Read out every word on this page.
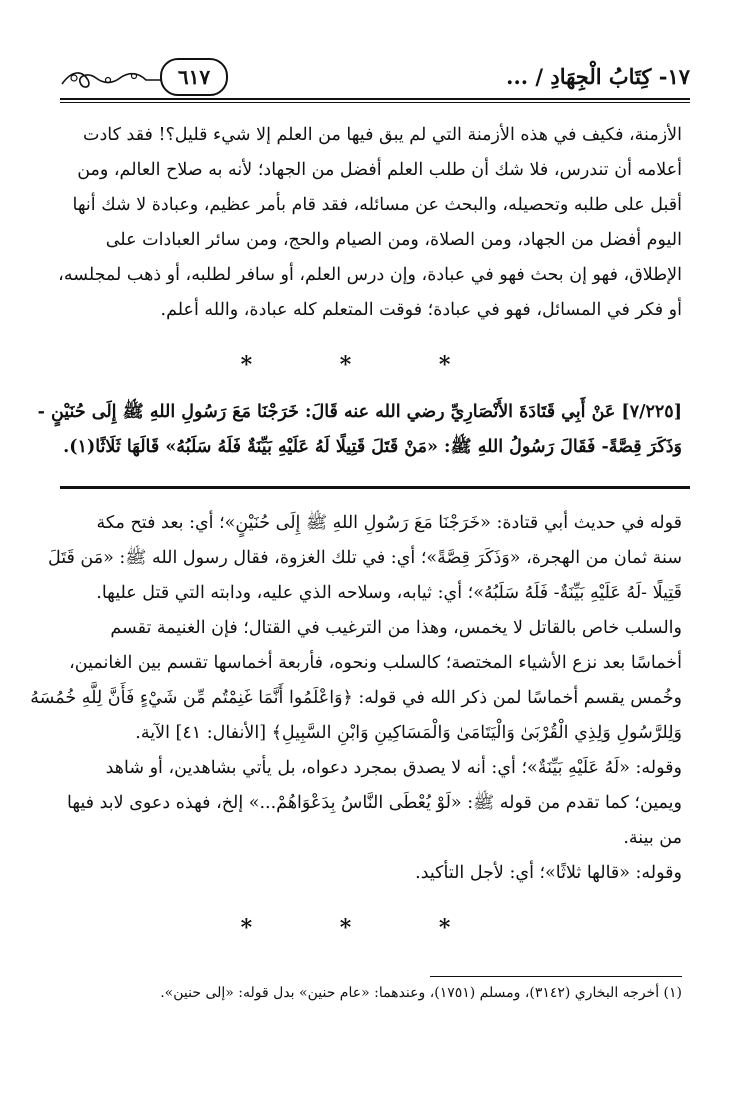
٦١٧	١٧- كِتَابُ الْجِهَادِ / ...
الأزمنة، فكيف في هذه الأزمنة التي لم يبق فيها من العلم إلا شيء قليل؟! فقد كادت
أعلامه أن تندرس، فلا شك أن طلب العلم أفضل من الجهاد؛ لأنه به صلاح العالم، ومن
أقبل على طلبه وتحصيله، والبحث عن مسائله، فقد قام بأمر عظيم، وعبادة لا شك أنها
اليوم أفضل من الجهاد، ومن الصلاة، ومن الصيام والحج، ومن سائر العبادات على
الإطلاق، فهو إن بحث فهو في عبادة، وإن درس العلم، أو سافر لطلبه، أو ذهب لمجلسه،
أو فكر في المسائل، فهو في عبادة؛ فوقت المتعلم كله عبادة، والله أعلم.
* * *
[٧/٢٢٥] عَنْ أَبِي قَتَادَةَ الأَنْصَارِيِّ رضي الله عنه قَالَ: خَرَجْنَا مَعَ رَسُولِ اللهِ ﷺ إِلَى حُنَيْنٍ -
وَذَكَرَ قِصَّةً- فَقَالَ رَسُولُ اللهِ ﷺ: «مَنْ قَتَلَ قَتِيلًا لَهُ عَلَيْهِ بَيِّنَةٌ فَلَهُ سَلَبُهُ» قَالَهَا ثَلَاثًا(١).
قوله في حديث أبي قتادة: «خَرَجْنَا مَعَ رَسُولِ اللهِ ﷺ إِلَى حُنَيْنٍ»؛ أي: بعد فتح مكة
سنة ثمان من الهجرة، «وَذَكَرَ قِصَّةً»؛ أي: في تلك الغزوة، فقال رسول الله ﷺ: «مَن قَتَلَ
قَتِيلًا -لَهُ عَلَيْهِ بَيِّنَةٌ- فَلَهُ سَلَبُهُ»؛ أي: ثيابه، وسلاحه الذي عليه، ودابته التي قتل عليها.
والسلب خاص بالقاتل لا يخمس، وهذا من الترغيب في القتال؛ فإن الغنيمة تقسم
أخماسًا بعد نزع الأشياء المختصة؛ كالسلب ونحوه، فأربعة أخماسها تقسم بين الغانمين،
وخُمس يقسم أخماسًا لمن ذكر الله في قوله: ﴿وَاعْلَمُوا أَنَّمَا غَنِمْتُم مِّن شَيْءٍ فَأَنَّ لِلَّهِ خُمُسَهُ
وَلِلرَّسُولِ وَلِذِي الْقُرْبَىٰ وَالْيَتَامَىٰ وَالْمَسَاكِينِ وَابْنِ السَّبِيلِ﴾ [الأنفال: ٤١] الآية.
وقوله: «لَهُ عَلَيْهِ بَيِّنَةٌ»؛ أي: أنه لا يصدق بمجرد دعواه، بل يأتي بشاهدين، أو شاهد
ويمين؛ كما تقدم من قوله ﷺ: «لَوْ يُعْطَى النَّاسُ بِدَعْوَاهُمْ...» إلخ، فهذه دعوى لابد فيها
من بينة.
وقوله: «قالها ثلاثًا»؛ أي: لأجل التأكيد.
* * *
(١) أخرجه البخاري (٣١٤٢)، ومسلم (١٧٥١)، وعندهما: «عام حنين» بدل قوله: «إلى حنين».
